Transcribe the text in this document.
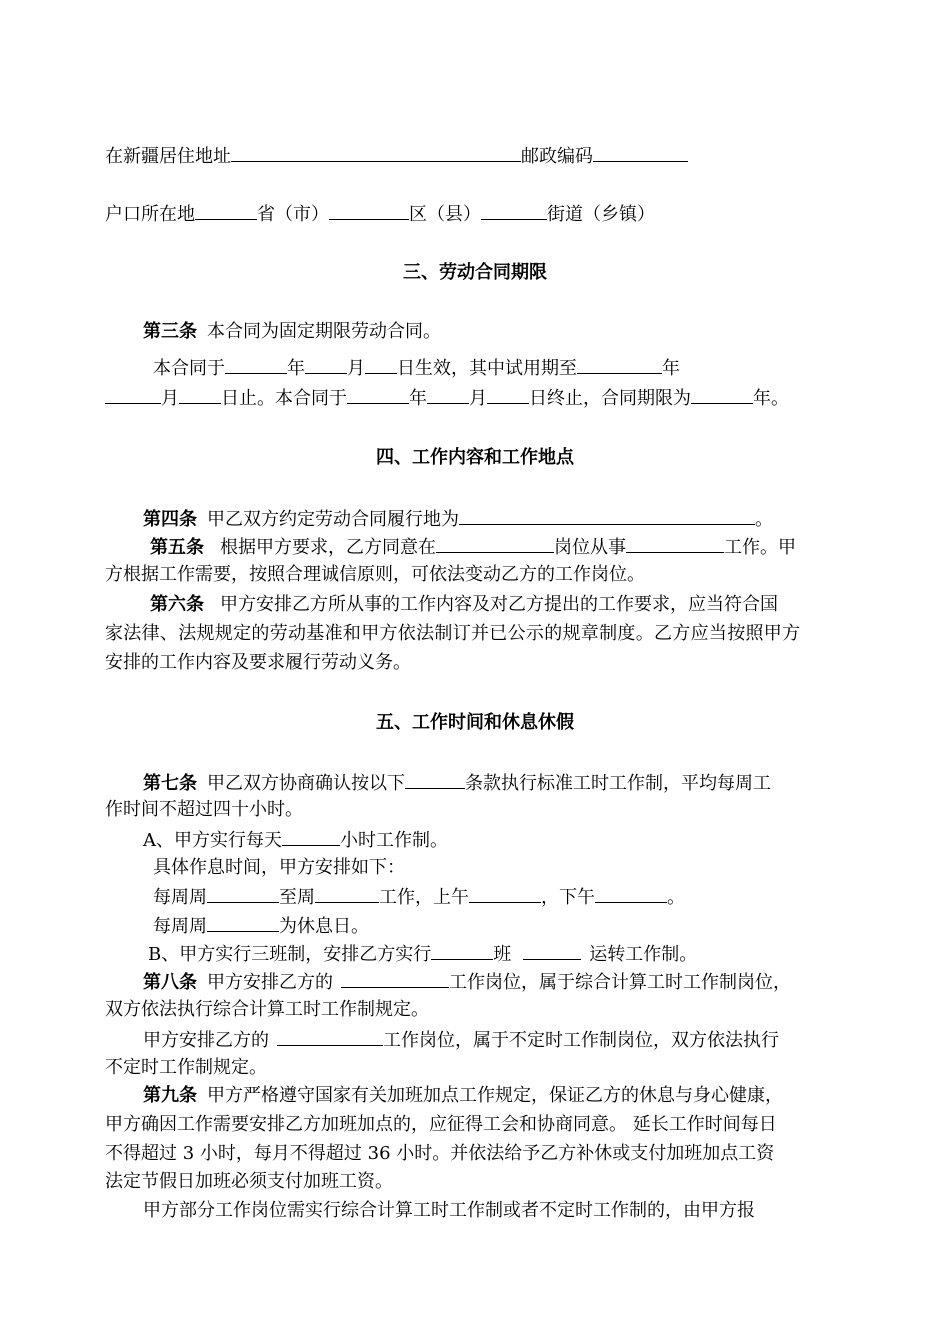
在新疆居住地址	邮政编码
户口所在地	省（市）	区（县）	街道（乡镇）
三、劳动合同期限
第三条 本合同为固定期限劳动合同。
本合同于	年 月 日生效，其中试用期至	年
月 日止。本合同于	年 月 日终止，合同期限为	年。
四、工作内容和工作地点
第四条 甲乙双方约定劳动合同履行地为	。
第五条 根据甲方要求，乙方同意在	岗位从事	工作。甲
方根据工作需要，按照合理诚信原则，可依法变动乙方的工作岗位。
第六条 甲方安排乙方所从事的工作内容及对乙方提出的工作要求，应当符合国
家法律、法规规定的劳动基准和甲方依法制订并已公示的规章制度。乙方应当按照甲方
安排的工作内容及要求履行劳动义务。
五、工作时间和休息休假
第七条 甲乙双方协商确认按以下	条款执行标准工时工作制，平均每周工
作时间不超过四十小时。
A、甲方实行每天	小时工作制。
具体作息时间，甲方安排如下：
每周周	至周	工作，上午	，下午	。
每周周	为休息日。
B、甲方实行三班制，安排乙方实行	班	运转工作制。
第八条 甲方安排乙方的	工作岗位，属于综合计算工时工作制岗位，
双方依法执行综合计算工时工作制规定。
甲方安排乙方的	工作岗位，属于不定时工作制岗位，双方依法执行
不定时工作制规定。
第九条 甲方严格遵守国家有关加班加点工作规定，保证乙方的休息与身心健康，
甲方确因工作需要安排乙方加班加点的，应征得工会和协商同意。 延长工作时间每日
不得超过 3 小时，每月不得超过 36 小时。并依法给予乙方补休或支付加班加点工资
法定节假日加班必须支付加班工资。
甲方部分工作岗位需实行综合计算工时工作制或者不定时工作制的，由甲方报
